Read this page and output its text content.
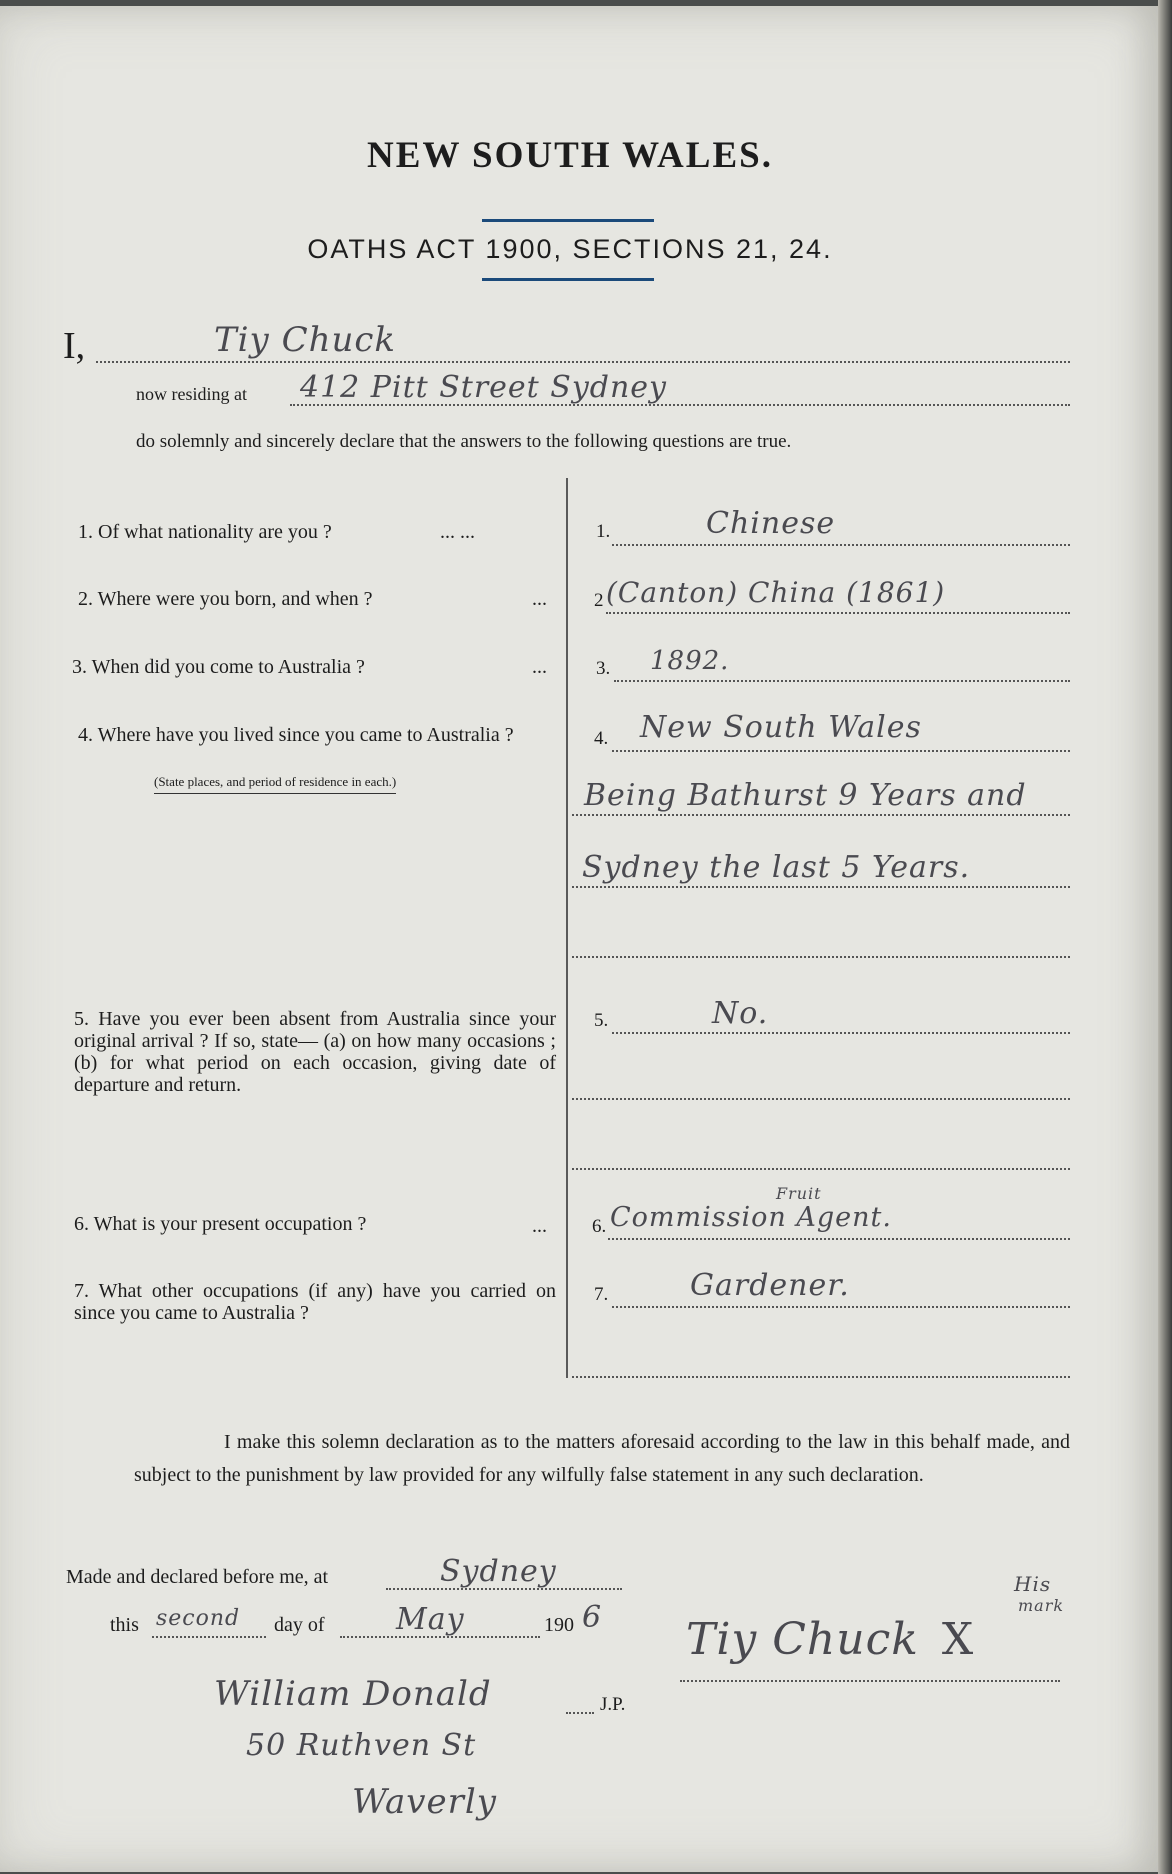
NEW SOUTH WALES.
OATHS ACT 1900, SECTIONS 21, 24.
I,	Tiy Chuck
now residing at 412 Pitt Street Sydney
do solemnly and sincerely declare that the answers to the following questions are true.
1. Of what nationality are you ?	... ...	1.	Chinese
2. Where were you born, and when ?	... 2 (Canton) China (1861)
3. When did you come to Australia ?	...	3. 1892.
4. Where have you lived since you came to Australia ?
(State places, and period of residence in each.)
4. New South Wales
Being Bathurst 9 Years and
Sydney the last 5 Years.
5. Have you ever been absent from Australia since your original arrival ? If so, state— (a) on how many occasions ; (b) for what period on each occasion, giving date of departure and return.
5.	No.
6. What is your present occupation ?	... 6. Commission Agent.
Fruit
7. What other occupations (if any) have you carried on since you came to Australia ?
7.	Gardener.
I make this solemn declaration as to the matters aforesaid according to the law in this behalf made, and subject to the punishment by law provided for any wilfully false statement in any such declaration.
Made and declared before me, at	Sydney
this second day of May	190 6
William Donald	J.P.
50 Ruthven St
Waverly
Tiy Chuck X
His
mark
